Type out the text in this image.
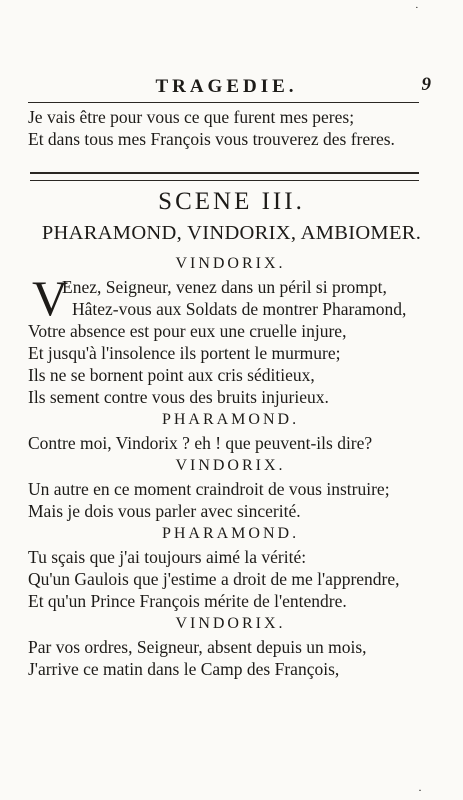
TRAGEDIE.	9
Je vais être pour vous ce que furent mes peres;
Et dans tous mes François vous trouverez des freres.
SCENE III.
PHARAMOND, VINDORIX, AMBIOMER.
VINDORIX.
V
Enez, Seigneur, venez dans un péril si prompt,
Hâtez-vous aux Soldats de montrer Pharamond,
Votre absence est pour eux une cruelle injure,
Et jusqu'à l'insolence ils portent le murmure;
Ils ne se bornent point aux cris séditieux,
Ils sement contre vous des bruits injurieux.
PHARAMOND.
Contre moi, Vindorix ? eh ! que peuvent-ils dire?
VINDORIX.
Un autre en ce moment craindroit de vous instruire;
Mais je dois vous parler avec sincerité.
PHARAMOND.
Tu sçais que j'ai toujours aimé la vérité:
Qu'un Gaulois que j'estime a droit de me l'apprendre,
Et qu'un Prince François mérite de l'entendre.
VINDORIX.
Par vos ordres, Seigneur, absent depuis un mois,
J'arrive ce matin dans le Camp des François,
·
·
